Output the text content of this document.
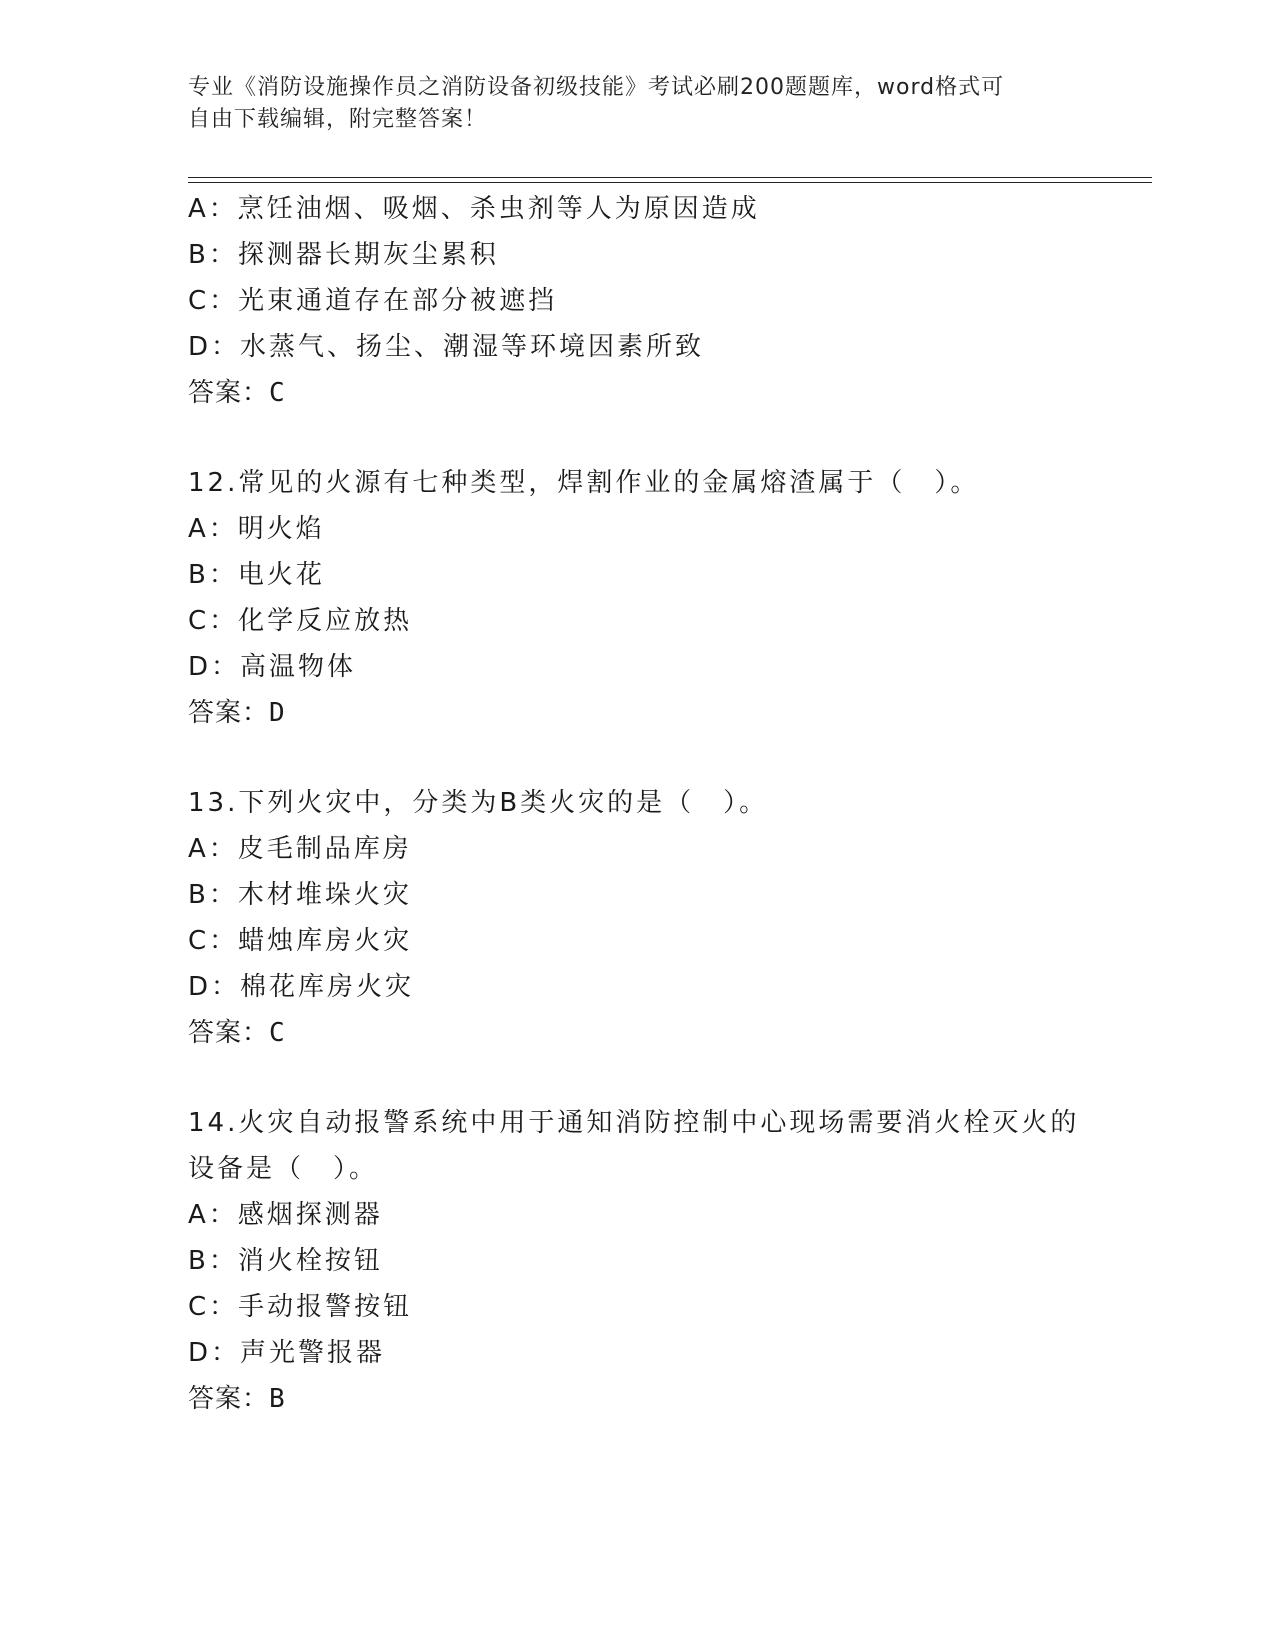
专业《消防设施操作员之消防设备初级技能》考试必刷200题题库，word格式可
自由下载编辑，附完整答案！
A：烹饪油烟、吸烟、杀虫剂等人为原因造成
B：探测器长期灰尘累积
C：光束通道存在部分被遮挡
D：水蒸气、扬尘、潮湿等环境因素所致
答案：C
12.常见的火源有七种类型，焊割作业的金属熔渣属于（　）。
A：明火焰
B：电火花
C：化学反应放热
D：高温物体
答案：D
13.下列火灾中，分类为B类火灾的是（　）。
A：皮毛制品库房
B：木材堆垛火灾
C：蜡烛库房火灾
D：棉花库房火灾
答案：C
14.火灾自动报警系统中用于通知消防控制中心现场需要消火栓灭火的
设备是（　）。
A：感烟探测器
B：消火栓按钮
C：手动报警按钮
D：声光警报器
答案：B
